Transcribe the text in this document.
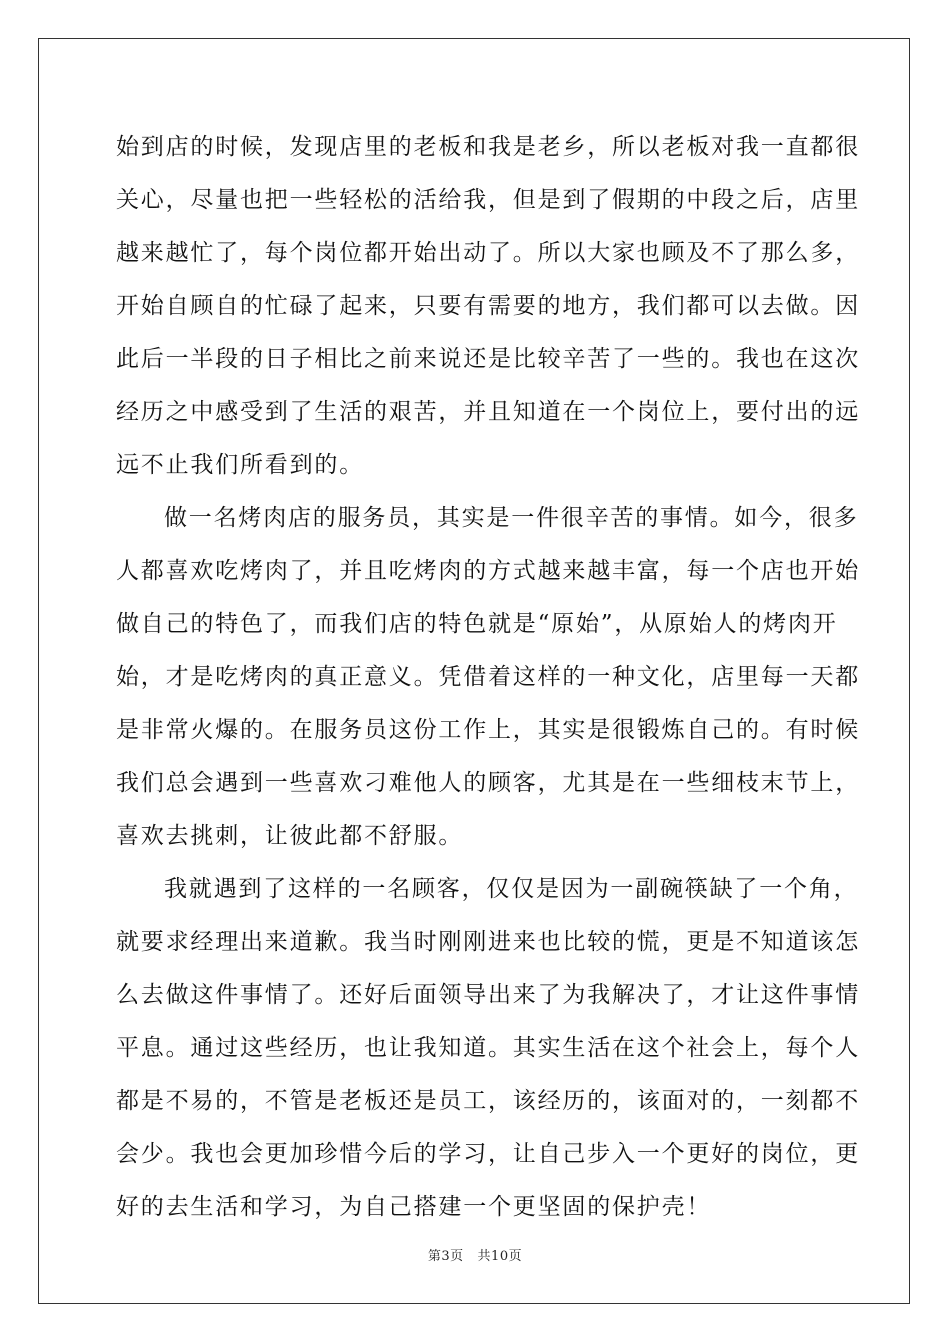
始到店的时候，发现店里的老板和我是老乡，所以老板对我一直都很
关心，尽量也把一些轻松的活给我，但是到了假期的中段之后，店里
越来越忙了，每个岗位都开始出动了。所以大家也顾及不了那么多，
开始自顾自的忙碌了起来，只要有需要的地方，我们都可以去做。因
此后一半段的日子相比之前来说还是比较辛苦了一些的。我也在这次
经历之中感受到了生活的艰苦，并且知道在一个岗位上，要付出的远
远不止我们所看到的。
做一名烤肉店的服务员，其实是一件很辛苦的事情。如今，很多
人都喜欢吃烤肉了，并且吃烤肉的方式越来越丰富，每一个店也开始
做自己的特色了，而我们店的特色就是“原始”，从原始人的烤肉开
始，才是吃烤肉的真正意义。凭借着这样的一种文化，店里每一天都
是非常火爆的。在服务员这份工作上，其实是很锻炼自己的。有时候
我们总会遇到一些喜欢刁难他人的顾客，尤其是在一些细枝末节上，
喜欢去挑刺，让彼此都不舒服。
我就遇到了这样的一名顾客，仅仅是因为一副碗筷缺了一个角，
就要求经理出来道歉。我当时刚刚进来也比较的慌，更是不知道该怎
么去做这件事情了。还好后面领导出来了为我解决了，才让这件事情
平息。通过这些经历，也让我知道。其实生活在这个社会上，每个人
都是不易的，不管是老板还是员工，该经历的，该面对的，一刻都不
会少。我也会更加珍惜今后的学习，让自己步入一个更好的岗位，更
好的去生活和学习，为自己搭建一个更坚固的保护壳！
第3页   共10页
